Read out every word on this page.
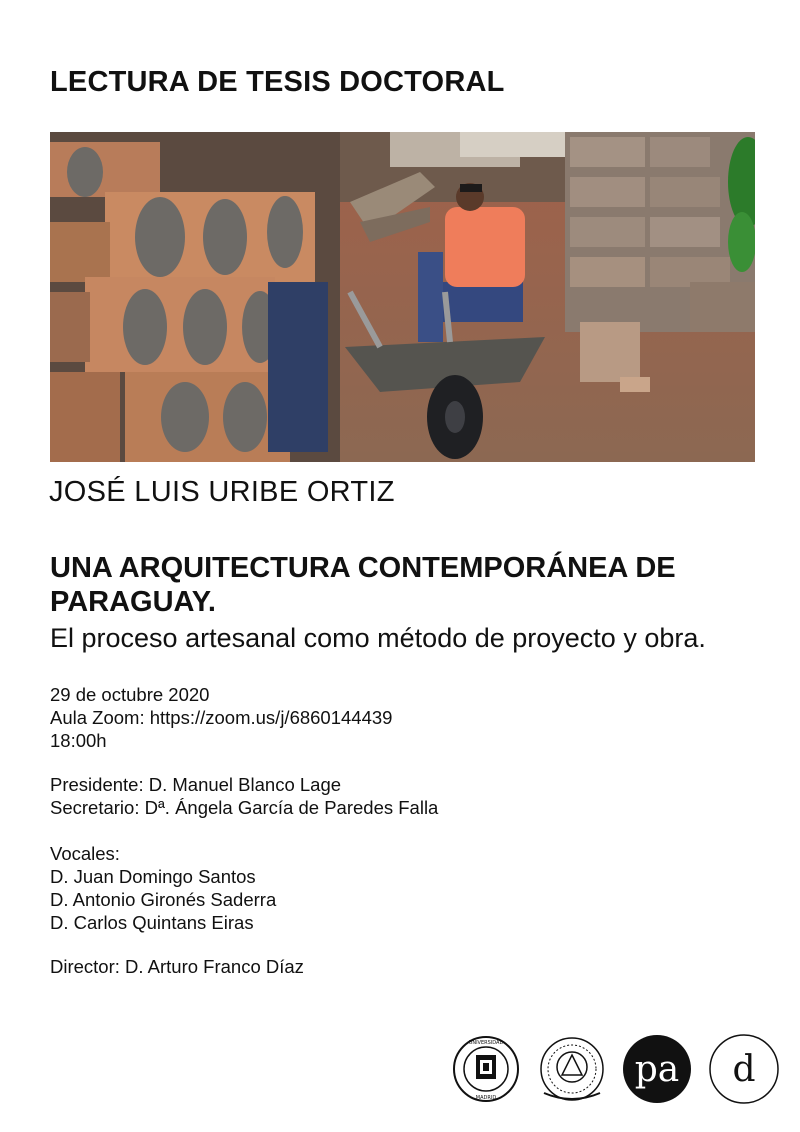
LECTURA DE TESIS DOCTORAL
JOSÉ LUIS URIBE ORTIZ
UNA ARQUITECTURA CONTEMPORÁNEA DE
PARAGUAY.
El proceso artesanal como método de proyecto y obra.
29 de octubre 2020
Aula Zoom: https://zoom.us/j/6860144439
18:00h
Presidente: D. Manuel Blanco Lage
Secretario: Dª. Ángela García de Paredes Falla
Vocales:
D. Juan Domingo Santos
D. Antonio Gironés Saderra
D. Carlos Quintans Eiras
Director: D. Arturo Franco Díaz
UNIVERSIDAD
MADRID
pa d
